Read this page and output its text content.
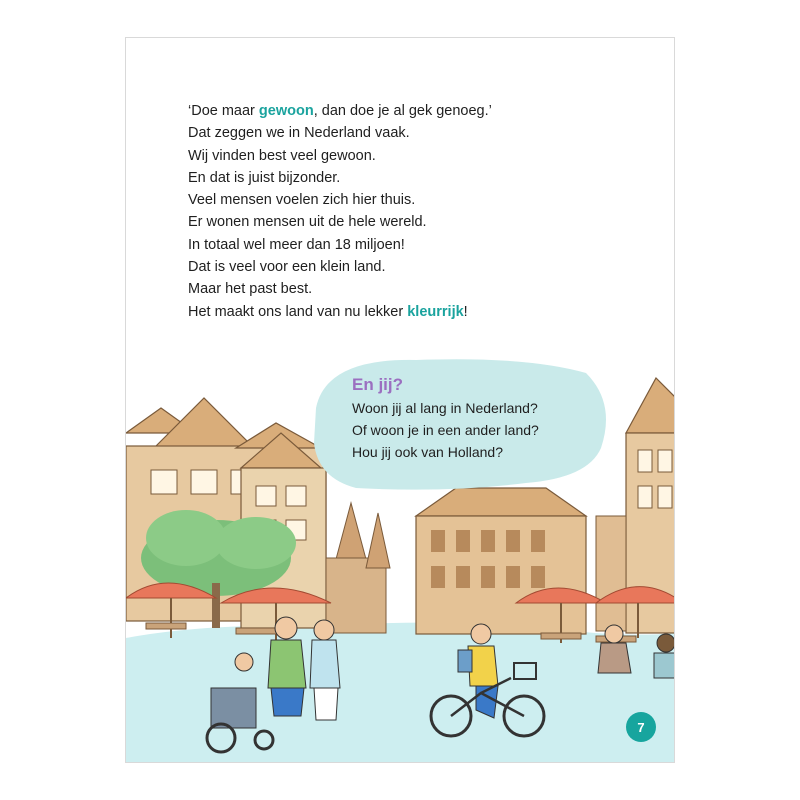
‘Doe maar gewoon, dan doe je al gek genoeg.’
Dat zeggen we in Nederland vaak.
Wij vinden best veel gewoon.
En dat is juist bijzonder.
Veel mensen voelen zich hier thuis.
Er wonen mensen uit de hele wereld.
In totaal wel meer dan 18 miljoen!
Dat is veel voor een klein land.
Maar het past best.
Het maakt ons land van nu lekker kleurrijk!
En jij?
Woon jij al lang in Nederland?
Of woon je in een ander land?
Hou jij ook van Holland?
7
